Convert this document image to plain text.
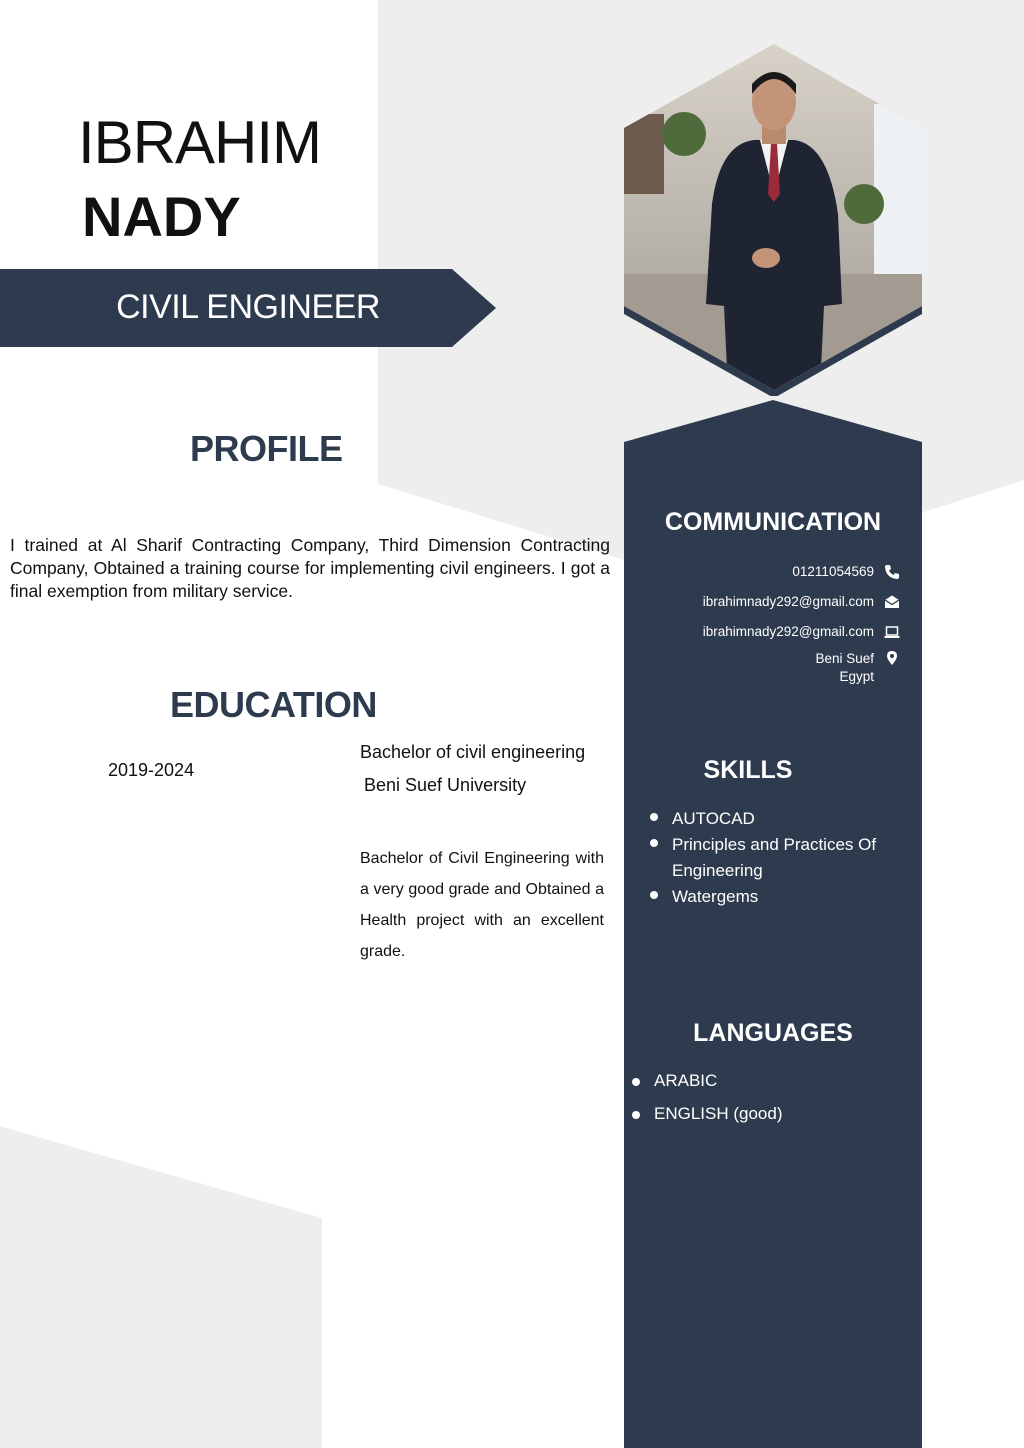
IBRAHIM
NADY
CIVIL ENGINEER
PROFILE
I trained at Al Sharif Contracting Company, Third Dimension Contracting Company, Obtained a training course for implementing civil engineers. I got a final exemption from military service.
EDUCATION
2019-2024
Bachelor of civil engineering
Beni Suef University
Bachelor of Civil Engineering with a very good grade and Obtained a Health project with an excellent grade.
COMMUNICATION
01211054569
ibrahimnady292@gmail.com
ibrahimnady292@gmail.com
Beni Suef
Egypt
SKILLS
AUTOCAD
Principles and Practices Of Engineering
Watergems
LANGUAGES
ARABIC
ENGLISH (good)
